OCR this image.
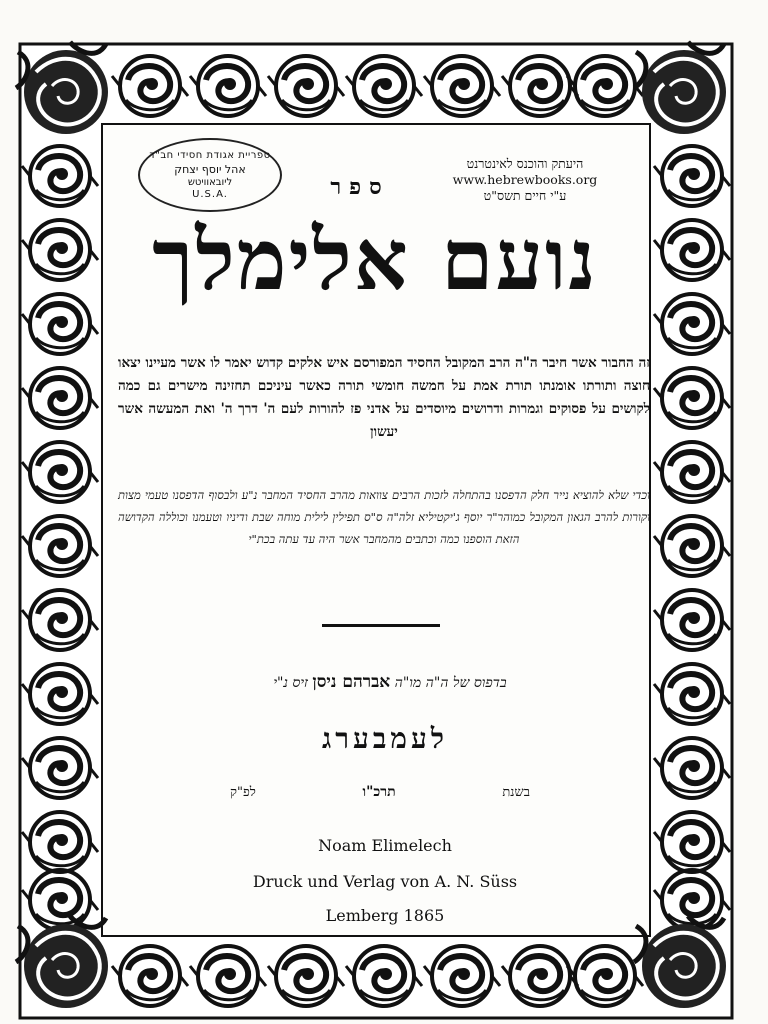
ספריית אגודת חסידי חב"ד
אהל יוסף יצחק
ליובאוויטש
U.S.A.
היעתק והוכנס לאינטרנט
www.hebrewbooks.org
ע"י חיים תשס"ט
ספר
נועם אלימלך
זה החבור אשר חיבר ה"ה הרב המקובל החסיד המפורסם איש אלקים קדוש יאמר לו אשר מעיינו יצאו חוצה ותורתו אומנתו תורת אמת על חמשה חומשי תורה כאשר עיניכם תחזינה מישרים גם כמה לקושים על פסוקים וגמרות ודרושים מיוסדים על אדני פז להורות לעם ה' דרך ה' ואת המעשה אשר יעשון
וכדי שלא להוציא נייר חלק הדפסנו בהתחלה לזכות הרבים צוואות מהרב החסיד המחבר נ"ע ולבסוף הדפסנו טעמי מצות וקורות להרב הגאון המקובל כמוהר"ר יוסף ג'יקטיליא זלה"ה ס"ס תפילין לילית מוחה שבת ודיניו וטעמנו וכוללה הקדושה הזאת הוספנו כמה וכתבים מהמחבר אשר היה עד עתה בכת"י
בדפוס של ה"ה מו"ה אברהם ניסן זיס נ"י
לעמבערג
בשנת
תרכ"ו
לפ"ק
Noam Elimelech
Druck und Verlag von A. N. Süss
Lemberg 1865
